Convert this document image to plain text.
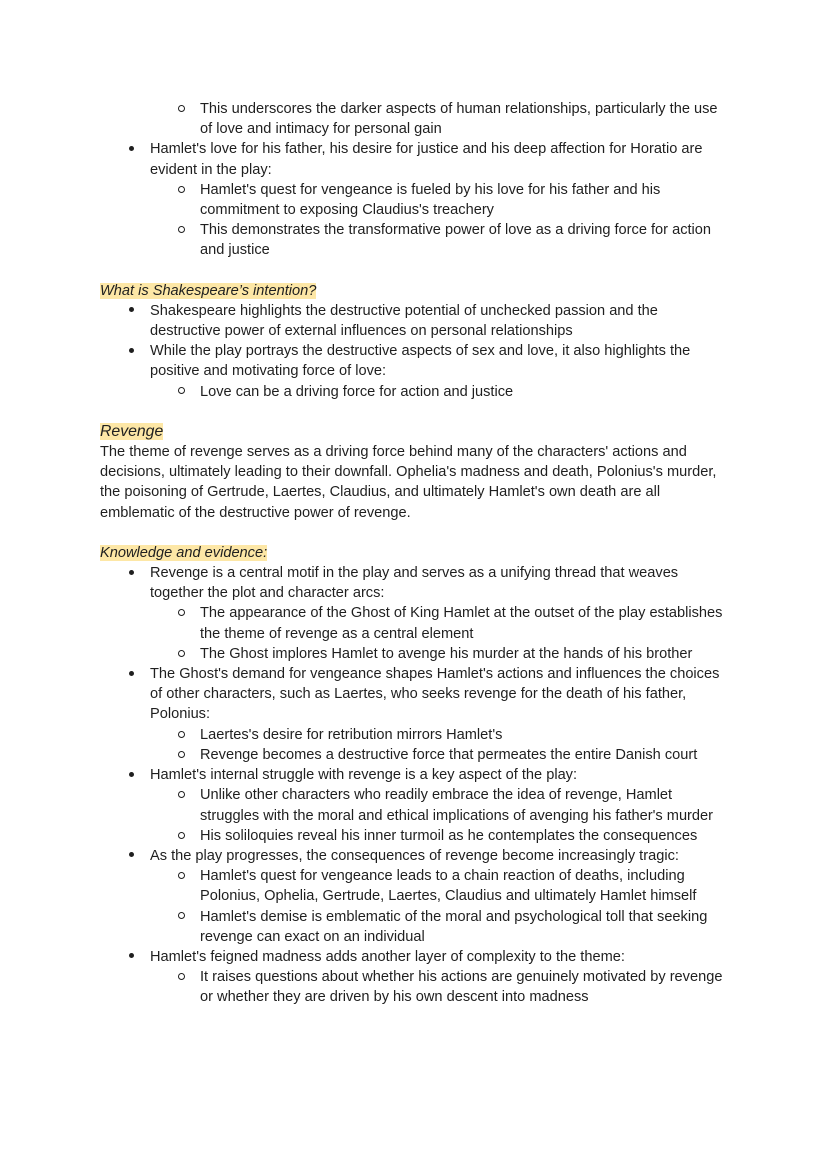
This underscores the darker aspects of human relationships, particularly the use of love and intimacy for personal gain
Hamlet's love for his father, his desire for justice and his deep affection for Horatio are evident in the play:
Hamlet's quest for vengeance is fueled by his love for his father and his commitment to exposing Claudius's treachery
This demonstrates the transformative power of love as a driving force for action and justice
What is Shakespeare’s intention?
Shakespeare highlights the destructive potential of unchecked passion and the destructive power of external influences on personal relationships
While the play portrays the destructive aspects of sex and love, it also highlights the positive and motivating force of love:
Love can be a driving force for action and justice
Revenge
The theme of revenge serves as a driving force behind many of the characters' actions and decisions, ultimately leading to their downfall. Ophelia's madness and death, Polonius's murder, the poisoning of Gertrude, Laertes, Claudius, and ultimately Hamlet's own death are all emblematic of the destructive power of revenge.
Knowledge and evidence:
Revenge is a central motif in the play and serves as a unifying thread that weaves together the plot and character arcs:
The appearance of the Ghost of King Hamlet at the outset of the play establishes the theme of revenge as a central element
The Ghost implores Hamlet to avenge his murder at the hands of his brother
The Ghost's demand for vengeance shapes Hamlet's actions and influences the choices of other characters, such as Laertes, who seeks revenge for the death of his father, Polonius:
Laertes's desire for retribution mirrors Hamlet's
Revenge becomes a destructive force that permeates the entire Danish court
Hamlet's internal struggle with revenge is a key aspect of the play:
Unlike other characters who readily embrace the idea of revenge, Hamlet struggles with the moral and ethical implications of avenging his father's murder
His soliloquies reveal his inner turmoil as he contemplates the consequences
As the play progresses, the consequences of revenge become increasingly tragic:
Hamlet's quest for vengeance leads to a chain reaction of deaths, including Polonius, Ophelia, Gertrude, Laertes, Claudius and ultimately Hamlet himself
Hamlet's demise is emblematic of the moral and psychological toll that seeking revenge can exact on an individual
Hamlet's feigned madness adds another layer of complexity to the theme:
It raises questions about whether his actions are genuinely motivated by revenge or whether they are driven by his own descent into madness
